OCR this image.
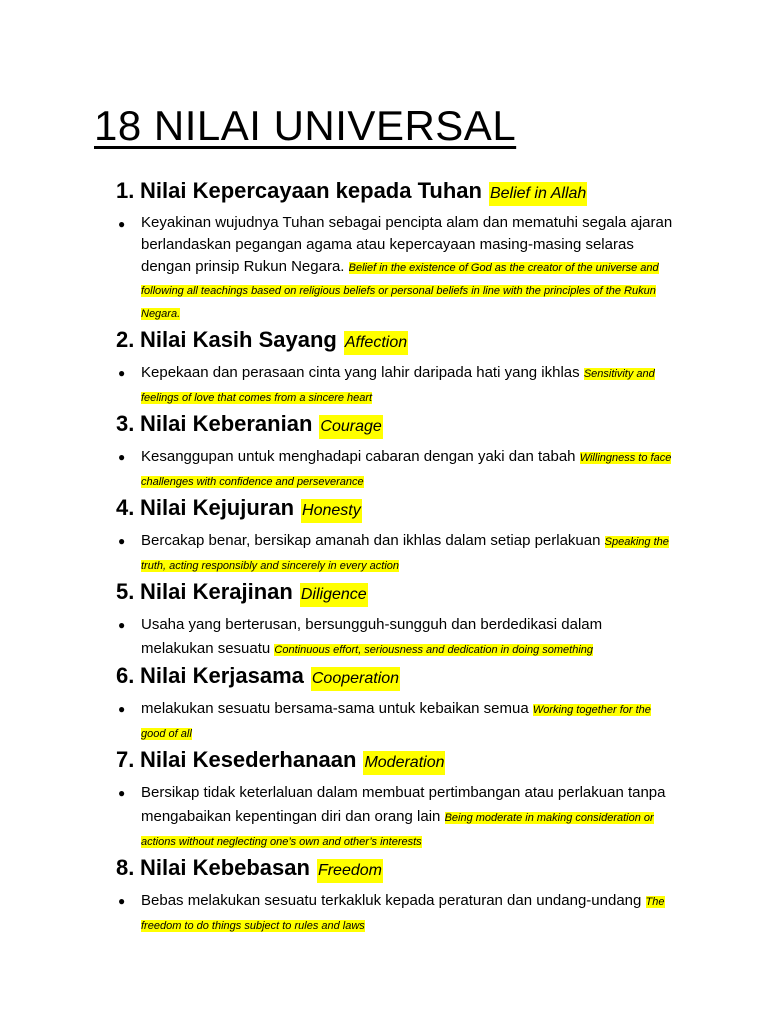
18 NILAI UNIVERSAL
1. Nilai Kepercayaan kepada Tuhan Belief in Allah
●	Keyakinan wujudnya Tuhan sebagai pencipta alam dan mematuhi segala ajaran berlandaskan pegangan agama atau kepercayaan masing-masing selaras dengan prinsip Rukun Negara. Belief in the existence of God as the creator of the universe and following all teachings based on religious beliefs or personal beliefs in line with the principles of the Rukun Negara.
2. Nilai Kasih Sayang Affection
●	Kepekaan dan perasaan cinta yang lahir daripada hati yang ikhlas Sensitivity and feelings of love that comes from a sincere heart
3. Nilai Keberanian Courage
●	Kesanggupan untuk menghadapi cabaran dengan yaki dan tabah Willingness to face challenges with confidence and perseverance
4. Nilai Kejujuran Honesty
●	Bercakap benar, bersikap amanah dan ikhlas dalam setiap perlakuan Speaking the truth, acting responsibly and sincerely in every action
5. Nilai Kerajinan Diligence
●	Usaha yang berterusan, bersungguh-sungguh dan berdedikasi dalam melakukan sesuatu Continuous effort, seriousness and dedication in doing something
6. Nilai Kerjasama Cooperation
●	melakukan sesuatu bersama-sama untuk kebaikan semua Working together for the good of all
7. Nilai Kesederhanaan Moderation
●	Bersikap tidak keterlaluan dalam membuat pertimbangan atau perlakuan tanpa mengabaikan kepentingan diri dan orang lain Being moderate in making consideration or actions without neglecting one’s own and other’s interests
8. Nilai Kebebasan Freedom
●	Bebas melakukan sesuatu terkakluk kepada peraturan dan undang-undang The freedom to do things subject to rules and laws
